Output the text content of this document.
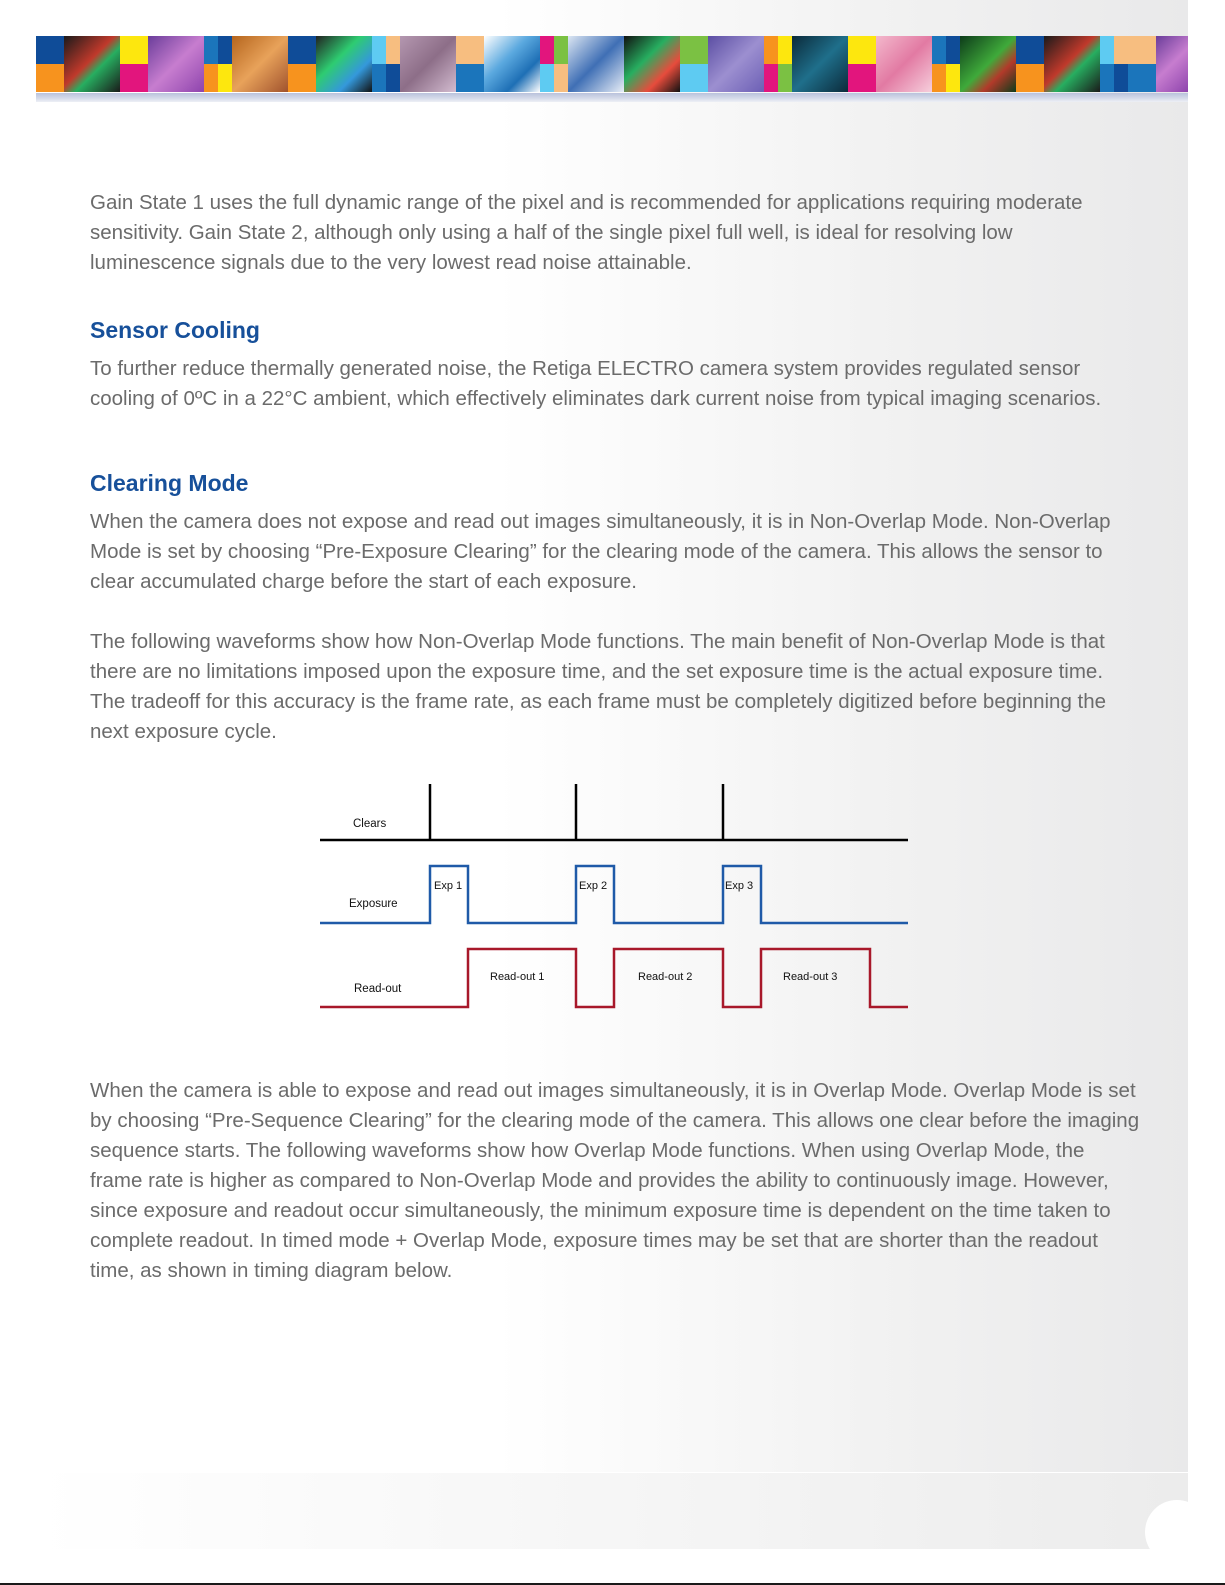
Gain State 1 uses the full dynamic range of the pixel and is recommended for applications requiring moderate sensitivity. Gain State 2, although only using a half of the single pixel full well, is ideal for resolving low luminescence signals due to the very lowest read noise attainable.

Sensor Cooling

To further reduce thermally generated noise, the Retiga ELECTRO camera system provides regulated sensor cooling of 0ºC in a 22°C ambient, which effectively eliminates dark current noise from typical imaging scenarios.

Clearing Mode

When the camera does not expose and read out images simultaneously, it is in Non-Overlap Mode. Non-Overlap Mode is set by choosing “Pre-Exposure Clearing” for the clearing mode of the camera. This allows the sensor to clear accumulated charge before the start of each exposure.

The following waveforms show how Non-Overlap Mode functions. The main benefit of Non-Overlap Mode is that there are no limitations imposed upon the exposure time, and the set exposure time is the actual exposure time. The tradeoff for this accuracy is the frame rate, as each frame must be completely digitized before beginning the next exposure cycle.

Clears
Exposure
Exp 1	Exp 2	Exp 3
Read-out
Read-out 1	Read-out 2	Read-out 3

When the camera is able to expose and read out images simultaneously, it is in Overlap Mode. Overlap Mode is set by choosing “Pre-Sequence Clearing” for the clearing mode of the camera. This allows one clear before the imaging sequence starts. The following waveforms show how Overlap Mode functions. When using Overlap Mode, the frame rate is higher as compared to Non-Overlap Mode and provides the ability to continuously image. However, since exposure and readout occur simultaneously, the minimum exposure time is dependent on the time taken to complete readout. In timed mode + Overlap Mode, exposure times may be set that are shorter than the readout time, as shown in timing diagram below.
